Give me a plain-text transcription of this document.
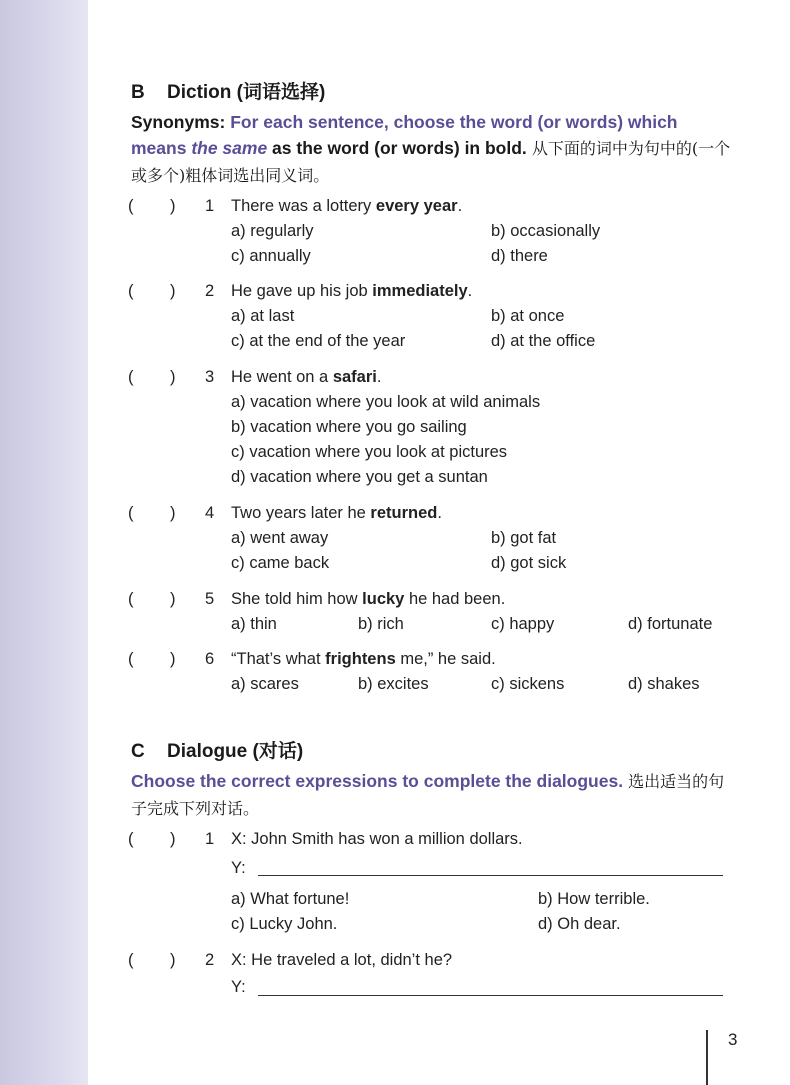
B Diction (词语选择)
Synonyms: For each sentence, choose the word (or words) which means the same as the word (or words) in bold. 从下面的词中为句中的(一个或多个)粗体词选出同义词。
( ) 1 There was a lottery every year.
a) regularly	b) occasionally
c) annually	d) there
( ) 2 He gave up his job immediately.
a) at last	b) at once
c) at the end of the year	d) at the office
( ) 3 He went on a safari.
a) vacation where you look at wild animals
b) vacation where you go sailing
c) vacation where you look at pictures
d) vacation where you get a suntan
( ) 4 Two years later he returned.
a) went away	b) got fat
c) came back	d) got sick
( ) 5 She told him how lucky he had been.
a) thin	b) rich	c) happy	d) fortunate
( ) 6 “That’s what frightens me,” he said.
a) scares	b) excites	c) sickens	d) shakes
C Dialogue (对话)
Choose the correct expressions to complete the dialogues. 选出适当的句子完成下列对话。
( ) 1 X: John Smith has won a million dollars.
Y:
a) What fortune!	b) How terrible.
c) Lucky John.	d) Oh dear.
( ) 2 X: He traveled a lot, didn’t he?
Y:
3
